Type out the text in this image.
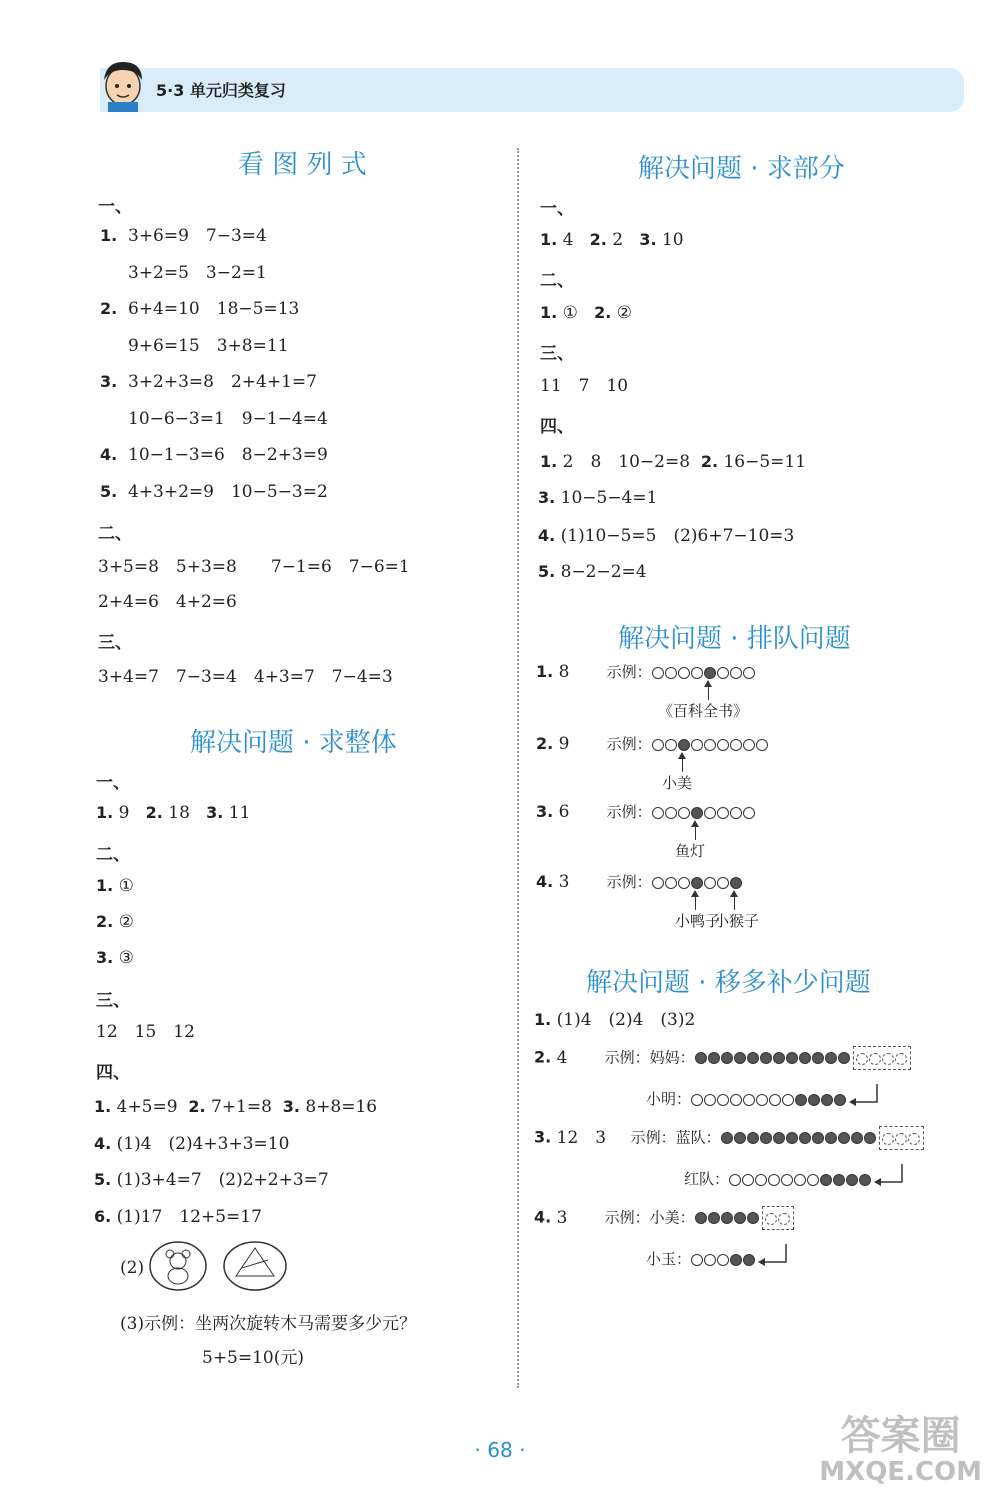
5·3 单元归类复习
看 图 列 式
一、
1. 3+6=9　7−3=4
3+2=5　3−2=1
2. 6+4=10　18−5=13
9+6=15　3+8=11
3. 3+2+3=8　2+4+1=7
10−6−3=1　9−1−4=4
4. 10−1−3=6　8−2+3=9
5. 4+3+2=9　10−5−3=2
二、
3+5=8　5+3=8　　7−1=6　7−6=1
2+4=6　4+2=6
三、
3+4=7　7−3=4　4+3=7　7−4=3
解决问题 · 求整体
一、
1. 9 2. 18 3. 11
二、
1. ①
2. ②
3. ③
三、
12　15　12
四、
1. 4+5=9 2. 7+1=8 3. 8+8=16
4. (1)4　(2)4+3+3=10
5. (1)3+4=7　(2)2+2+3=7
6. (1)17　12+5=17
(2)
(3)示例：坐两次旋转木马需要多少元？
5+5=10(元)
解决问题 · 求部分
一、
1. 4 2. 2 3. 10
二、
1. ① 2. ②
三、
11　7　10
四、
1. 2　8　10−2=8 2. 16−5=11
3. 10−5−4=1
4. (1)10−5=5　(2)6+7−10=3
5. 8−2−2=4
解决问题 · 排队问题
1. 8 示例：
《百科全书》
2. 9 示例：
小美
3. 6 示例：
鱼灯
4. 3 示例：
小鸭子
小猴子
解决问题 · 移多补少问题
1. (1)4　(2)4　(3)2
2. 4 示例：妈妈：
小明：
3. 12　3 示例：蓝队：
红队：
4. 3 示例：小美：
小玉：
· 68 ·	答案圈
MXQE.COM
